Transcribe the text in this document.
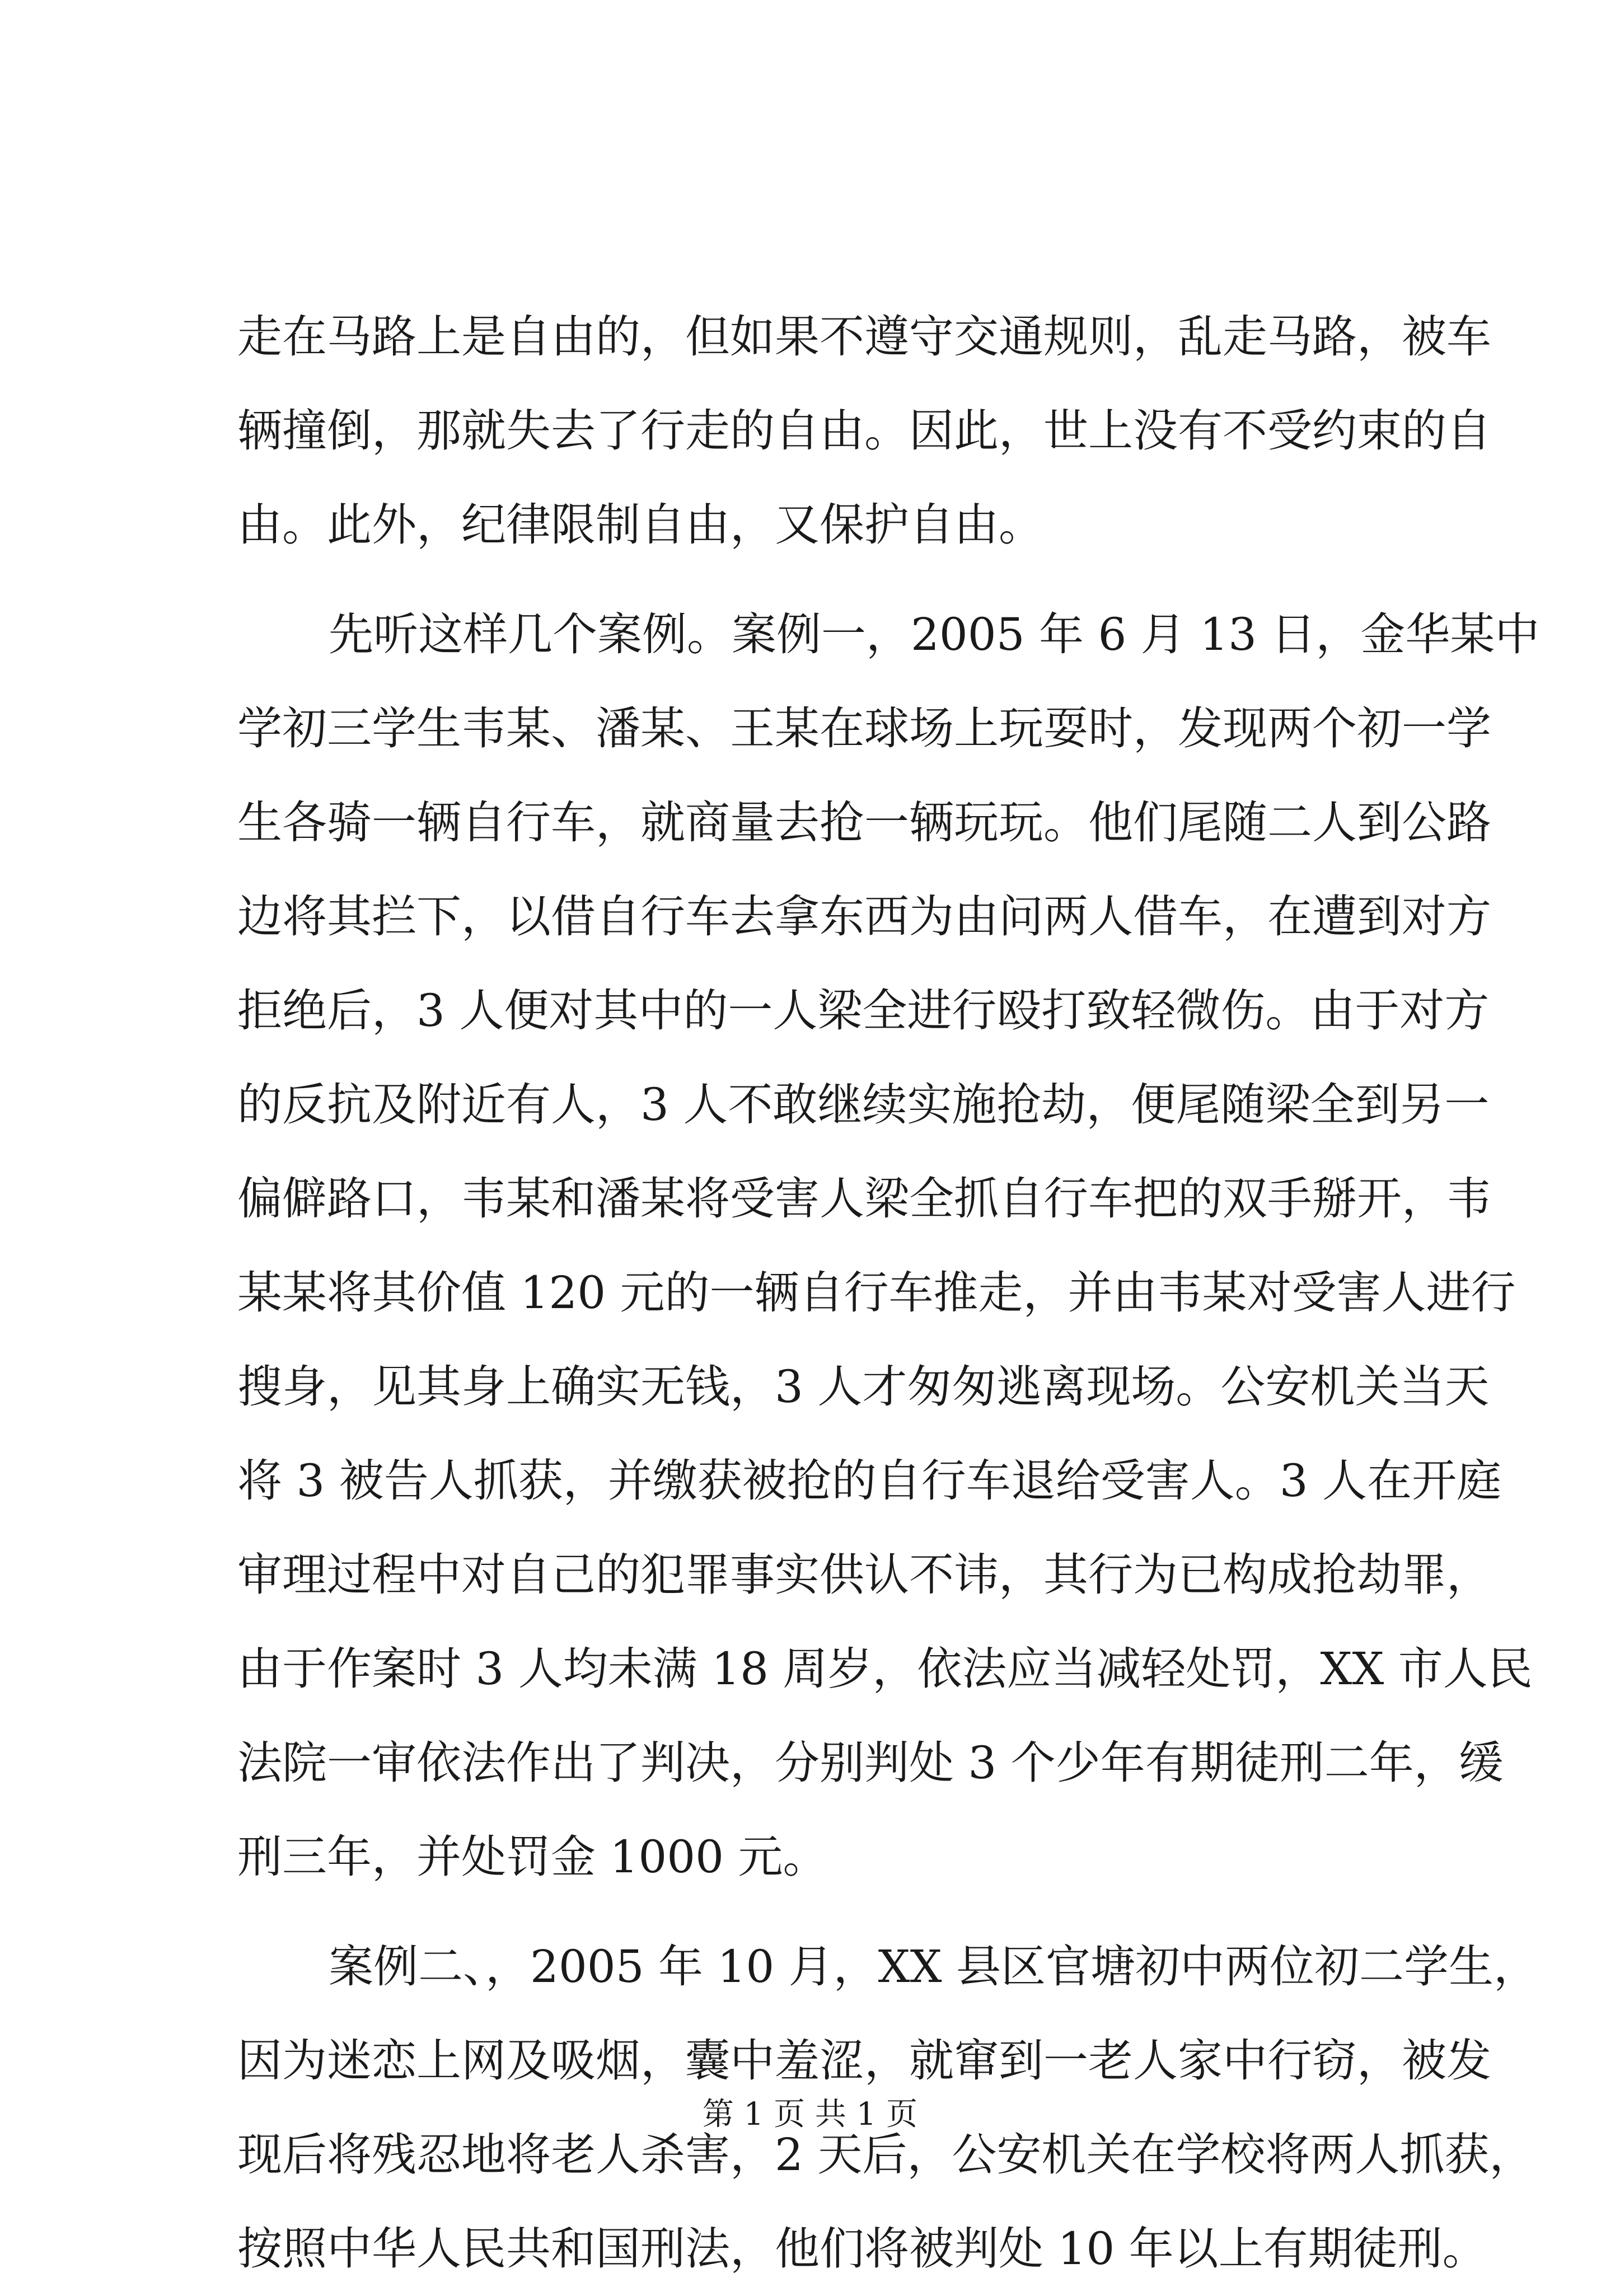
走在马路上是自由的，但如果不遵守交通规则，乱走马路，被车
辆撞倒，那就失去了行走的自由。因此，世上没有不受约束的自
由。此外，纪律限制自由，又保护自由。
先听这样几个案例。案例一，2005 年 6 月 13 日，金华某中
学初三学生韦某、潘某、王某在球场上玩耍时，发现两个初一学
生各骑一辆自行车，就商量去抢一辆玩玩。他们尾随二人到公路
边将其拦下，以借自行车去拿东西为由问两人借车，在遭到对方
拒绝后，3 人便对其中的一人梁全进行殴打致轻微伤。由于对方
的反抗及附近有人，3 人不敢继续实施抢劫，便尾随梁全到另一
偏僻路口，韦某和潘某将受害人梁全抓自行车把的双手掰开，韦
某某将其价值 120 元的一辆自行车推走，并由韦某对受害人进行
搜身，见其身上确实无钱，3 人才匆匆逃离现场。公安机关当天
将 3 被告人抓获，并缴获被抢的自行车退给受害人。3 人在开庭
审理过程中对自己的犯罪事实供认不讳，其行为已构成抢劫罪，
由于作案时 3 人均未满 18 周岁，依法应当减轻处罚，XX 市人民
法院一审依法作出了判决，分别判处 3 个少年有期徒刑二年，缓
刑三年，并处罚金 1000 元。
案例二、，2005 年 10 月，XX 县区官塘初中两位初二学生，
因为迷恋上网及吸烟，囊中羞涩，就窜到一老人家中行窃，被发
现后将残忍地将老人杀害，2 天后，公安机关在学校将两人抓获，
按照中华人民共和国刑法，他们将被判处 10 年以上有期徒刑。
第 1 页 共 1 页
